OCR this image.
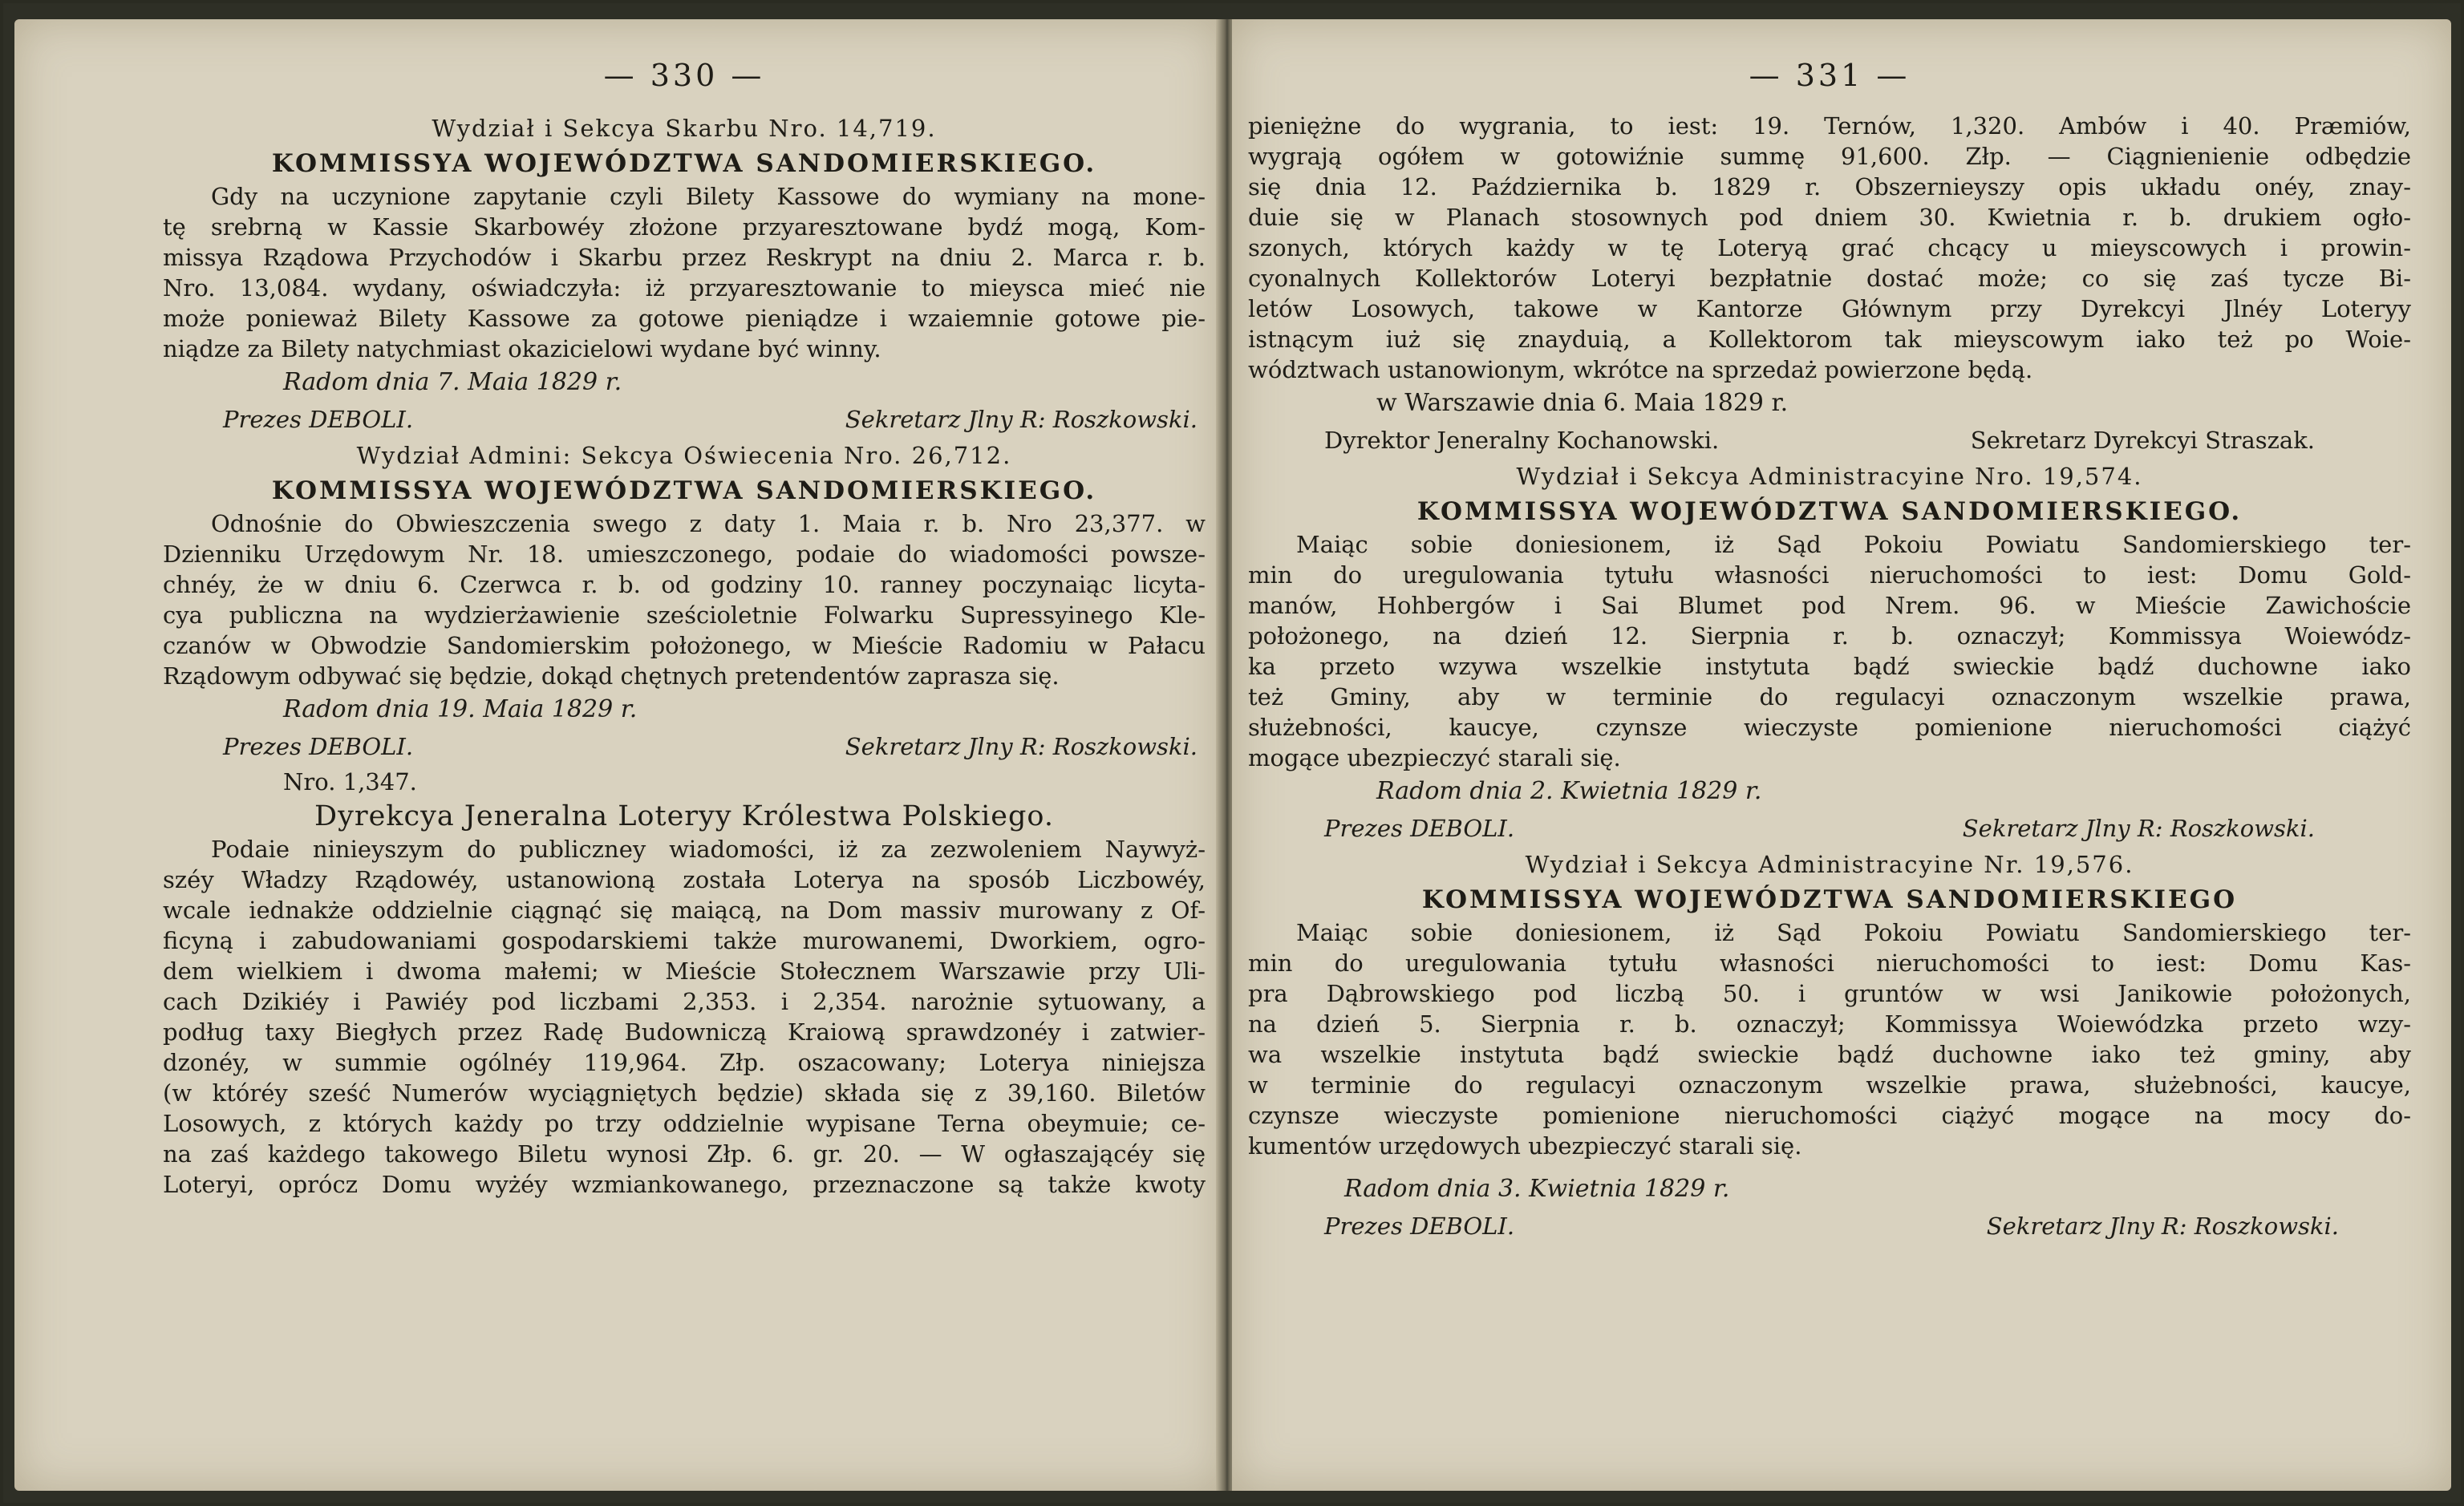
— 330 —
Wydział i Sekcya Skarbu Nro. 14,719.
KOMMISSYA WOJEWÓDZTWA SANDOMIERSKIEGO.

Gdy na uczynione zapytanie czyli Bilety Kassowe do wymiany na mone-

tę srebrną w Kassie Skarbowéy złożone przyaresztowane bydź mogą, Kom-

missya Rządowa Przychodów i Skarbu przez Reskrypt na dniu 2. Marca r. b.

Nro. 13,084. wydany, oświadczyła: iż przyaresztowanie to mieysca mieć nie

może ponieważ Bilety Kassowe za gotowe pieniądze i wzaiemnie gotowe pie-

niądze za Bilety natychmiast okazicielowi wydane być winny.

Radom dnia 7. Maia 1829 r.
Prezes DEBOLI.	Sekretarz Jlny R: Roszkowski.
Wydział Admini: Sekcya Oświecenia Nro. 26,712.
KOMMISSYA WOJEWÓDZTWA SANDOMIERSKIEGO.

Odnośnie do Obwieszczenia swego z daty 1. Maia r. b. Nro 23,377. w

Dzienniku Urzędowym Nr. 18. umieszczonego, podaie do wiadomości powsze-

chnéy, że w dniu 6. Czerwca r. b. od godziny 10. ranney poczynaiąc licyta-

cya publiczna na wydzierżawienie sześcioletnie Folwarku Supressyinego Kle-

czanów w Obwodzie Sandomierskim położonego, w Mieście Radomiu w Pałacu

Rządowym odbywać się będzie, dokąd chętnych pretendentów zaprasza się.

Radom dnia 19. Maia 1829 r.
Prezes DEBOLI.	Sekretarz Jlny R: Roszkowski.
Nro. 1,347.
Dyrekcya Jeneralna Loteryy Królestwa Polskiego.

Podaie ninieyszym do publiczney wiadomości, iż za zezwoleniem Naywyż-

széy Władzy Rządowéy, ustanowioną została Loterya na sposób Liczbowéy,

wcale iednakże oddzielnie ciągnąć się maiącą, na Dom massiv murowany z Of-

ficyną i zabudowaniami gospodarskiemi także murowanemi, Dworkiem, ogro-

dem wielkiem i dwoma małemi; w Mieście Stołecznem Warszawie przy Uli-

cach Dzikiéy i Pawiéy pod liczbami 2,353. i 2,354. narożnie sytuowany, a

podług taxy Biegłych przez Radę Budowniczą Kraiową sprawdzonéy i zatwier-

dzonéy, w summie ogólnéy 119,964. Złp. oszacowany; Loterya niniejsza

(w któréy sześć Numerów wyciągniętych będzie) składa się z 39,160. Biletów

Losowych, z których każdy po trzy oddzielnie wypisane Terna obeymuie; ce-

na zaś każdego takowego Biletu wynosi Złp. 6. gr. 20. — W ogłaszającéy się

Loteryi, oprócz Domu wyżéy wzmiankowanego, przeznaczone są także kwoty

— 331 —

pieniężne do wygrania, to iest: 19. Ternów, 1,320. Ambów i 40. Præmiów,

wygrają ogółem w gotowiźnie summę 91,600. Złp. — Ciągnienienie odbędzie

się dnia 12. Października b. 1829 r. Obszernieyszy opis układu onéy, znay-

duie się w Planach stosownych pod dniem 30. Kwietnia r. b. drukiem ogło-

szonych, których każdy w tę Loteryą grać chcący u mieyscowych i prowin-

cyonalnych Kollektorów Loteryi bezpłatnie dostać może; co się zaś tycze Bi-

letów Losowych, takowe w Kantorze Głównym przy Dyrekcyi Jlnéy Loteryy

istnącym iuż się znayduią, a Kollektorom tak mieyscowym iako też po Woie-

wództwach ustanowionym, wkrótce na sprzedaż powierzone będą.

w Warszawie dnia 6. Maia 1829 r.
Dyrektor Jeneralny Kochanowski.	Sekretarz Dyrekcyi Straszak.
Wydział i Sekcya Administracyine Nro. 19,574.
KOMMISSYA WOJEWÓDZTWA SANDOMIERSKIEGO.

Maiąc sobie doniesionem, iż Sąd Pokoiu Powiatu Sandomierskiego ter-

min do uregulowania tytułu własności nieruchomości to iest: Domu Gold-

manów, Hohbergów i Sai Blumet pod Nrem. 96. w Mieście Zawichoście

położonego, na dzień 12. Sierpnia r. b. oznaczył; Kommissya Woiewódz-

ka przeto wzywa wszelkie instytuta bądź swieckie bądź duchowne iako

też Gminy, aby w terminie do regulacyi oznaczonym wszelkie prawa,

służebności, kaucye, czynsze wieczyste pomienione nieruchomości ciążyć

mogące ubezpieczyć starali się.

Radom dnia 2. Kwietnia 1829 r.
Prezes DEBOLI.	Sekretarz Jlny R: Roszkowski.
Wydział i Sekcya Administracyine Nr. 19,576.
KOMMISSYA WOJEWÓDZTWA SANDOMIERSKIEGO

Maiąc sobie doniesionem, iż Sąd Pokoiu Powiatu Sandomierskiego ter-

min do uregulowania tytułu własności nieruchomości to iest: Domu Kas-

pra Dąbrowskiego pod liczbą 50. i gruntów w wsi Janikowie położonych,

na dzień 5. Sierpnia r. b. oznaczył; Kommissya Woiewódzka przeto wzy-

wa wszelkie instytuta bądź swieckie bądź duchowne iako też gminy, aby

w terminie do regulacyi oznaczonym wszelkie prawa, służebności, kaucye,

czynsze wieczyste pomienione nieruchomości ciążyć mogące na mocy do-

kumentów urzędowych ubezpieczyć starali się.

Radom dnia 3. Kwietnia 1829 r.
Prezes DEBOLI.	Sekretarz Jlny R: Roszkowski.
